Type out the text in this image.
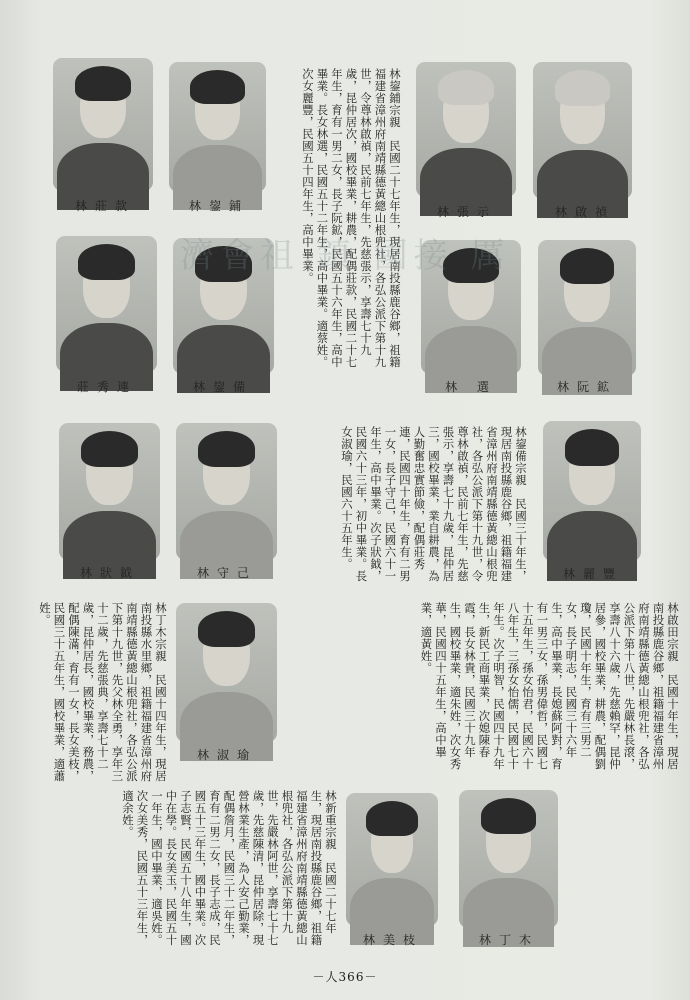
林莊款	林鋆鋪	林張示	林啟禎
莊秀連	林鋆備	林 選	林阮鉱
林狀鉞	林守己	林麗豐
林淑瑜
林美枝	林丁木
林鋆鋪宗親　民國二十七年生，現居南投縣鹿谷鄉，祖籍福建省漳州府南靖縣德黃總山根兜社，各弘公派下第十九世，令尊林啟禎，民前七年生，先慈張示，享壽七十九歲，昆仲居次，國校畢業，耕農，配偶莊款，民國二十七年生，育有一男二女，長子阮鉱，民國五十六年生，高中畢業。長女林選，民國五十二年生，高中畢業。適蔡姓。次女麗豐，民國五十四年生，高中畢業。
林鋆備宗親　民國三十年生，現居南投縣鹿谷鄉，祖籍福建省漳州府南靖縣德黃總山根兜社，各弘公派下第十九世，令尊林啟禎，民前七年生，先慈張示，享壽七十九歲，昆仲居三，國校畢業，業自耕農，為人勤奮忠實節儉，配偶莊秀連，民國四十年生，育有二男一女，長子守己，民國六十一年生，高中畢業。次子狀鉞，民國六十三年，初中畢業。長女淑瑜，民國六十五年生。
林啟田宗親　民國十年生，現居南投縣鹿谷鄉，祖籍福建省漳州府南靖縣德黃總山根兜社，各弘公派下第十八世，先嚴林長滾，享壽八十六歲，先慈賴罕，昆仲居參，國校畢業，耕農，配偶劉瓊，民國十年生，育有三男二女，長子明志，民國三十六年生，高中畢業，長媳蘇阿對，育有一男三女，孫男偉哲，民國七十五年生，孫女怡君，民國六十八年生，三孫女怡儒，民國七十年生。次子明智，民國四十九年生，新民工商畢業，次媳陳春霞，長女林貴，民國三十九年生，國校畢業，適朱姓，次女秀華，民國四十五年生，高中畢業，適黃姓。
林丁木宗親　民國十四年生，現居南投縣水里鄉，祖籍福建省漳州府南靖縣德黃總山根兜社，各弘公派下第十九世，先父林全勇，享年三十二歲，先慈張典，享壽七十二歲，昆仲居長，國校畢業，務農，配偶陳滿，育有一女，長女美枝，民國三十五年生，國校畢業，適蕭姓。
林新重宗親　民國二十七年生，現居南投縣鹿谷鄉，祖籍福建省漳州府南靖縣德黃總山根兜社，各弘公派下第十九世，先嚴林阿世，享壽七十七歲，先慈陳清，昆仲居除，現營林業生產，為人安己勤業，配偶詹月，民國三十二年生，育有二男二女，長子志成，民國五十三年生，國中畢業。次子志賢，民國五十八年生，國中在學。長女美玉，民國五十一年生，國中畢業，適吳姓。次女美秀，民國五十三年生，適余姓。
濟會祖 鎮 國接 厲
－人366－
